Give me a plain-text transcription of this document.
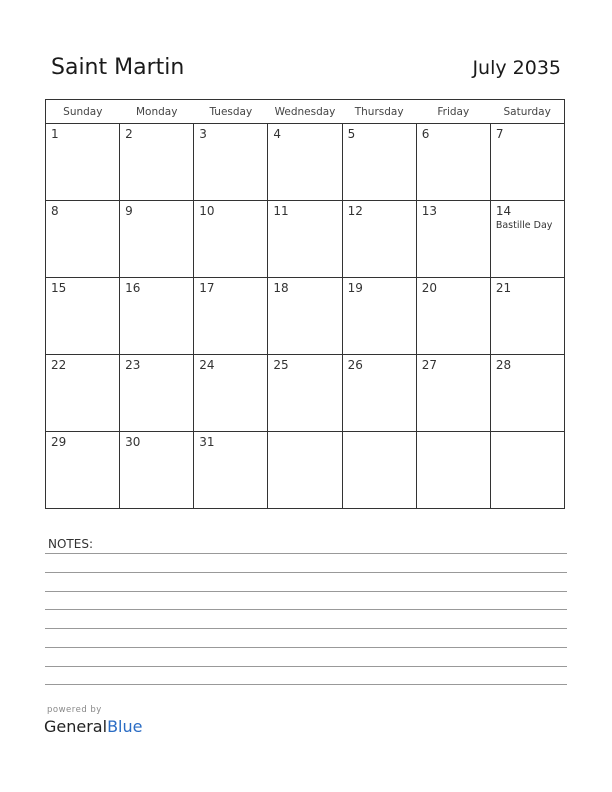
Saint Martin	July 2035
Sunday	Monday	Tuesday	Wednesday	Thursday	Friday	Saturday

1	2	3	4	5	6	7

8	9	10	11	12	13	14
Bastille Day

15	16	17	18	19	20	21

22	23	24	25	26	27	28

29	30	31				

NOTES:
powered by
GeneralBlue
